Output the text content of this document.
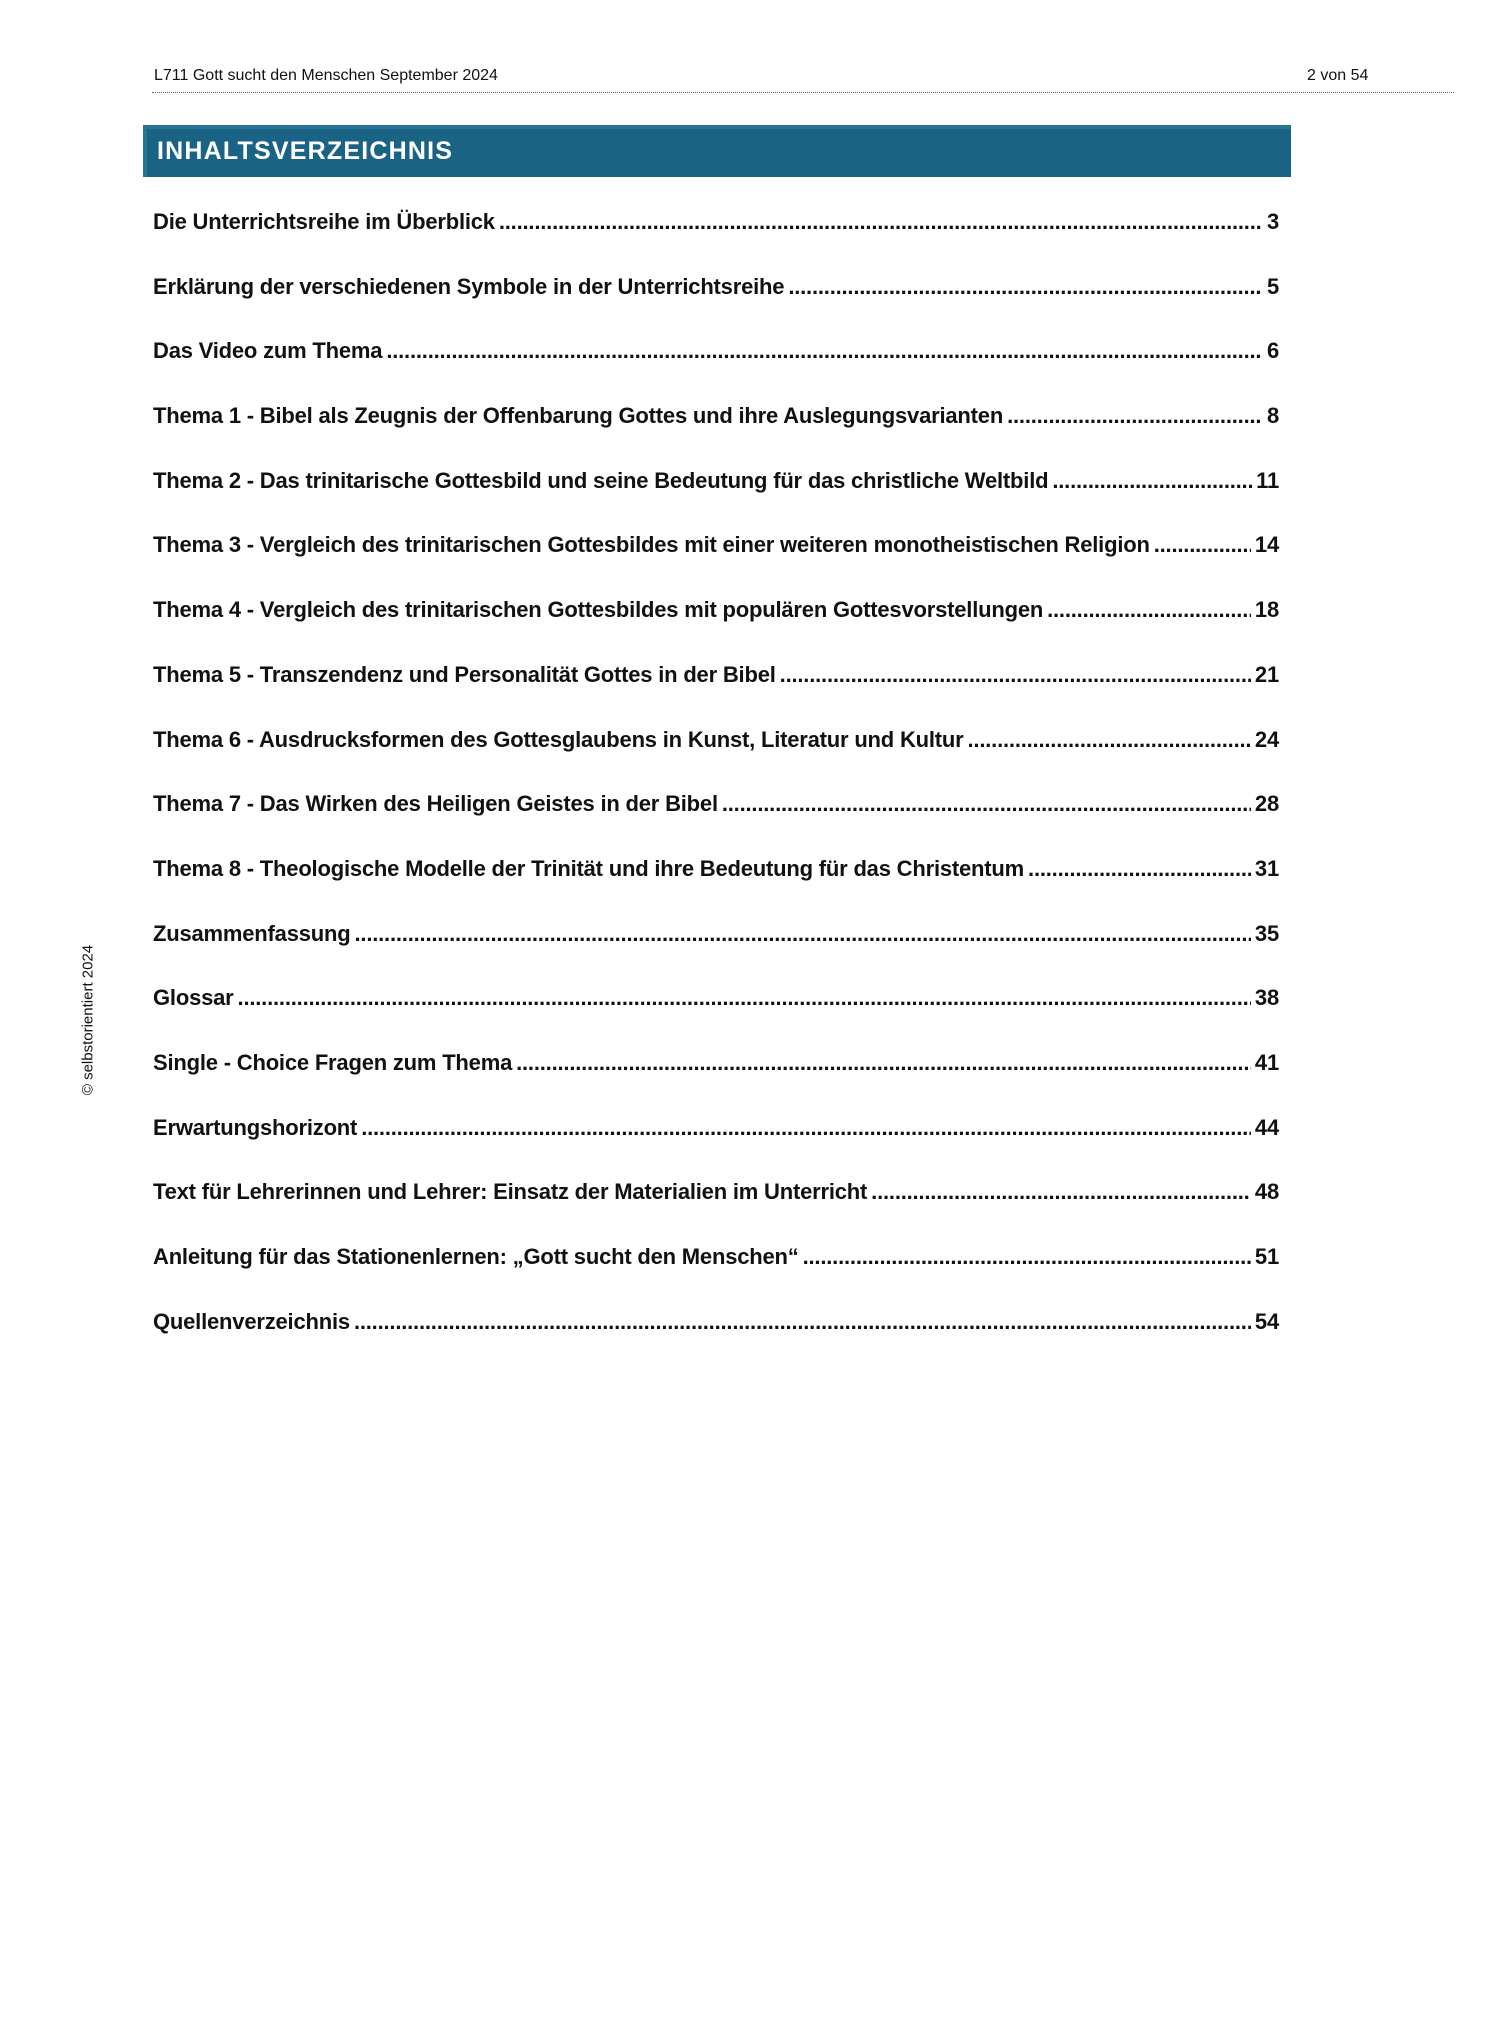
L711 Gott sucht den Menschen September 2024	2 von 54
© selbstorientiert 2024
INHALTSVERZEICHNIS
Die Unterrichtsreihe im Überblick .....	3
Erklärung der verschiedenen Symbole in der Unterrichtsreihe .....	5
Das Video zum Thema .....	6
Thema 1 - Bibel als Zeugnis der Offenbarung Gottes und ihre Auslegungsvarianten .....	8
Thema 2 - Das trinitarische Gottesbild und seine Bedeutung für das christliche Weltbild .....	11
Thema 3 - Vergleich des trinitarischen Gottesbildes mit einer weiteren monotheistischen Religion .....	14
Thema 4 - Vergleich des trinitarischen Gottesbildes mit populären Gottesvorstellungen .....	18
Thema 5 - Transzendenz und Personalität Gottes in der Bibel .....	21
Thema 6 - Ausdrucksformen des Gottesglaubens in Kunst, Literatur und Kultur .....	24
Thema 7 - Das Wirken des Heiligen Geistes in der Bibel .....	28
Thema 8 - Theologische Modelle der Trinität und ihre Bedeutung für das Christentum .....	31
Zusammenfassung .....	35
Glossar .....	38
Single - Choice Fragen zum Thema .....	41
Erwartungshorizont .....	44
Text für Lehrerinnen und Lehrer: Einsatz der Materialien im Unterricht .....	48
Anleitung für das Stationenlernen: „Gott sucht den Menschen“ .....	51
Quellenverzeichnis .....	54
